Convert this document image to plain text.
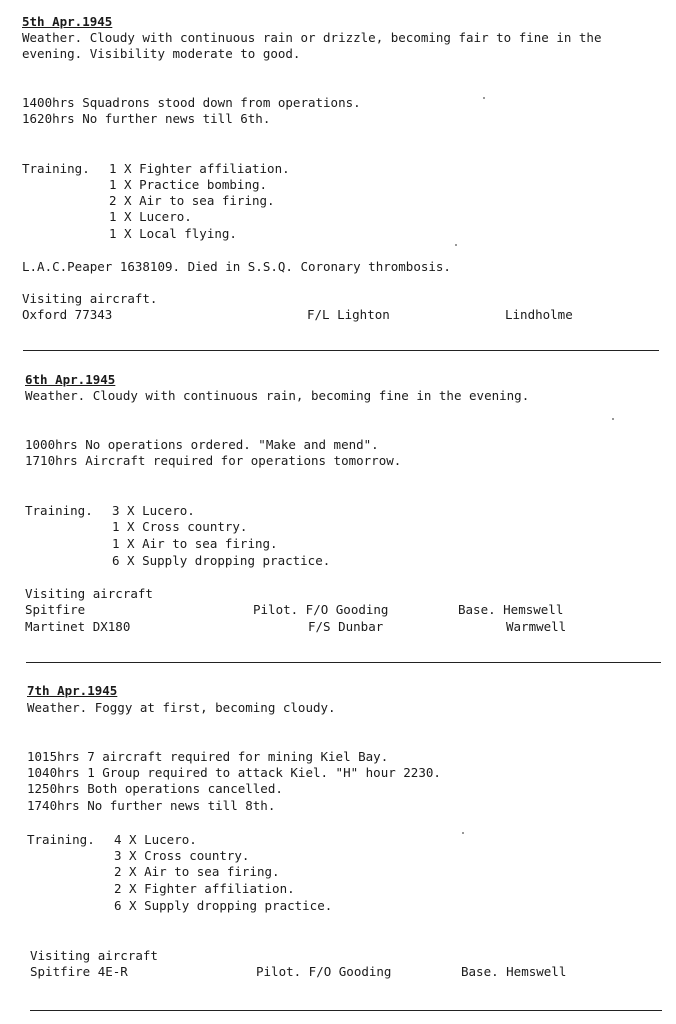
5th Apr.1945
Weather. Cloudy with continuous rain or drizzle, becoming fair to fine in the
evening. Visibility moderate to good.
1400hrs Squadrons stood down from operations.
1620hrs No further news till 6th.
Training. 1 X Fighter affiliation.
1 X Practice bombing.
2 X Air to sea firing.
1 X Lucero.
1 X Local flying.
L.A.C.Peaper 1638109. Died in S.S.Q. Coronary thrombosis.
Visiting aircraft.
Oxford 77343	F/L Lighton	Lindholme
6th Apr.1945
Weather. Cloudy with continuous rain, becoming fine in the evening.
1000hrs No operations ordered. "Make and mend".
1710hrs Aircraft required for operations tomorrow.
Training. 3 X Lucero.
1 X Cross country.
1 X Air to sea firing.
6 X Supply dropping practice.
Visiting aircraft
Spitfire	Pilot. F/O Gooding	Base. Hemswell
Martinet DX180	F/S Dunbar	Warmwell
7th Apr.1945
Weather. Foggy at first, becoming cloudy.
1015hrs 7 aircraft required for mining Kiel Bay.
1040hrs 1 Group required to attack Kiel. "H" hour 2230.
1250hrs Both operations cancelled.
1740hrs No further news till 8th.
Training. 4 X Lucero.
3 X Cross country.
2 X Air to sea firing.
2 X Fighter affiliation.
6 X Supply dropping practice.
Visiting aircraft
Spitfire 4E-R	Pilot. F/O Gooding	Base. Hemswell
